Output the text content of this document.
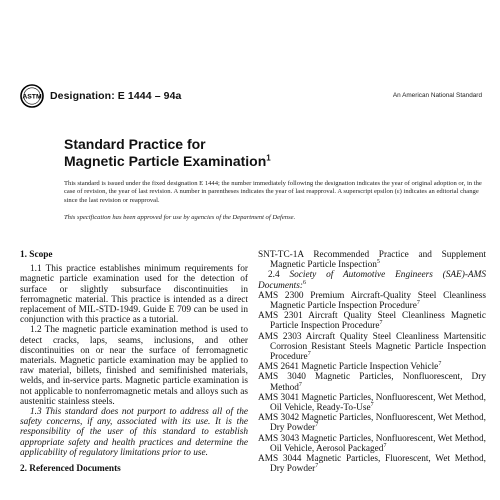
ASTM Designation: E 1444 – 94a	An American National Standard
Standard Practice for
Magnetic Particle Examination$^1$
This standard is issued under the fixed designation E 1444; the number immediately following the designation indicates the year of original adoption or, in the case of revision, the year of last revision. A number in parentheses indicates the year of last reapproval. A superscript epsilon (ε) indicates an editorial change since the last revision or reapproval.
This specification has been approved for use by agencies of the Department of Defense.

1. Scope

1.1 This practice establishes minimum requirements for magnetic particle examination used for the detection of surface or slightly subsurface discontinuities in ferromagnetic material. This practice is intended as a direct replacement of MIL-STD-1949. Guide E 709 can be used in conjunction with this practice as a tutorial.

1.2 The magnetic particle examination method is used to detect cracks, laps, seams, inclusions, and other discontinuities on or near the surface of ferromagnetic materials. Magnetic particle examination may be applied to raw material, billets, finished and semifinished materials, welds, and in-service parts. Magnetic particle examination is not applicable to nonferromagnetic metals and alloys such as austenitic stainless steels.

1.3 This standard does not purport to address all of the safety concerns, if any, associated with its use. It is the responsibility of the user of this standard to establish appropriate safety and health practices and determine the applicability of regulatory limitations prior to use.

2. Referenced Documents

SNT-TC-1A Recommended Practice and Supplement Magnetic Particle Inspection$^5$

2.4 Society of Automotive Engineers (SAE)-AMS Documents:$^6$

AMS 2300 Premium Aircraft-Quality Steel Cleanliness Magnetic Particle Inspection Procedure$^7$

AMS 2301 Aircraft Quality Steel Cleanliness Magnetic Particle Inspection Procedure$^7$

AMS 2303 Aircraft Quality Steel Cleanliness Martensitic Corrosion Resistant Steels Magnetic Particle Inspection Procedure$^7$

AMS 2641 Magnetic Particle Inspection Vehicle$^7$

AMS 3040 Magnetic Particles, Nonfluorescent, Dry Method$^7$

AMS 3041 Magnetic Particles, Nonfluorescent, Wet Method, Oil Vehicle, Ready-To-Use$^7$

AMS 3042 Magnetic Particles, Nonfluorescent, Wet Method, Dry Powder$^7$

AMS 3043 Magnetic Particles, Nonfluorescent, Wet Method, Oil Vehicle, Aerosol Packaged$^7$

AMS 3044 Magnetic Particles, Fluorescent, Wet Method, Dry Powder$^7$
